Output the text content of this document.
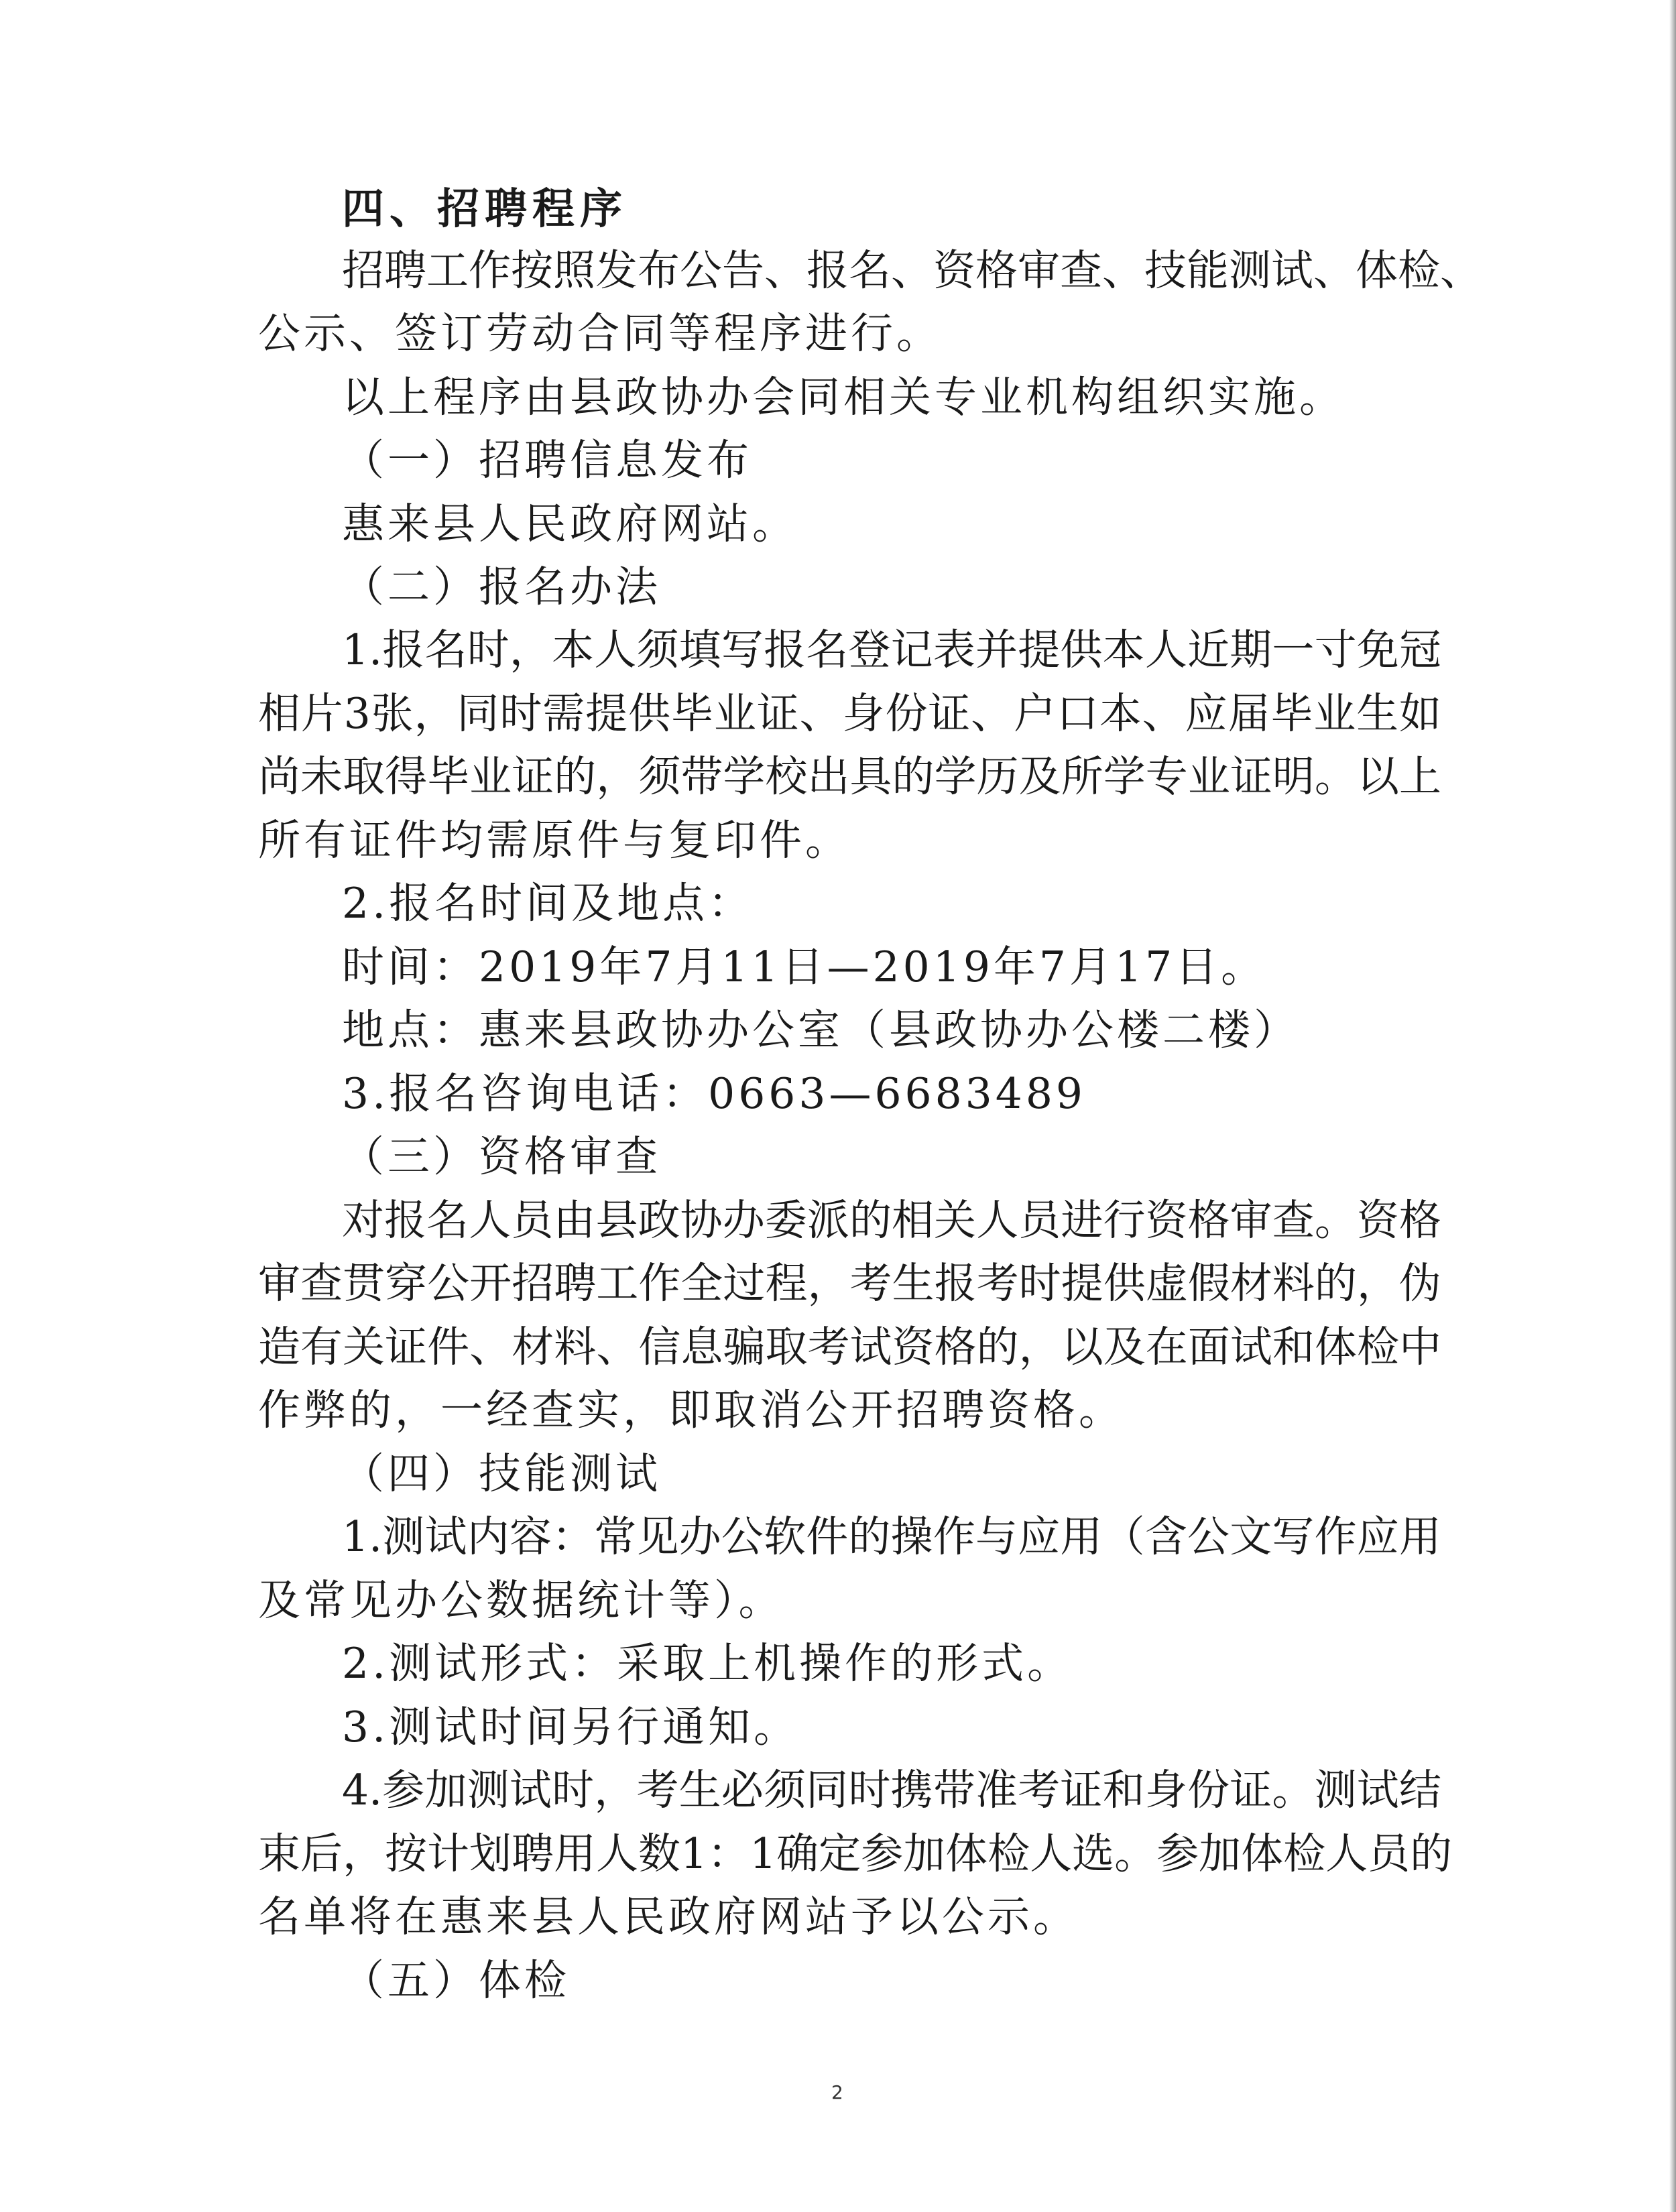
四、招聘程序
招聘工作按照发布公告、报名、资格审查、技能测试、体检、
公示、签订劳动合同等程序进行。
以上程序由县政协办会同相关专业机构组织实施。
（一）招聘信息发布
惠来县人民政府网站。
（二）报名办法
1.报名时，本人须填写报名登记表并提供本人近期一寸免冠
相片3张，同时需提供毕业证、身份证、户口本、应届毕业生如
尚未取得毕业证的，须带学校出具的学历及所学专业证明。以上
所有证件均需原件与复印件。
2.报名时间及地点：
时间：2019年7月11日—2019年7月17日。
地点：惠来县政协办公室（县政协办公楼二楼）
3.报名咨询电话：0663—6683489
（三）资格审查
对报名人员由县政协办委派的相关人员进行资格审查。资格
审查贯穿公开招聘工作全过程，考生报考时提供虚假材料的，伪
造有关证件、材料、信息骗取考试资格的，以及在面试和体检中
作弊的，一经查实，即取消公开招聘资格。
（四）技能测试
1.测试内容：常见办公软件的操作与应用（含公文写作应用
及常见办公数据统计等）。
2.测试形式：采取上机操作的形式。
3.测试时间另行通知。
4.参加测试时，考生必须同时携带准考证和身份证。测试结
束后，按计划聘用人数1：1确定参加体检人选。参加体检人员的
名单将在惠来县人民政府网站予以公示。
（五）体检
2
